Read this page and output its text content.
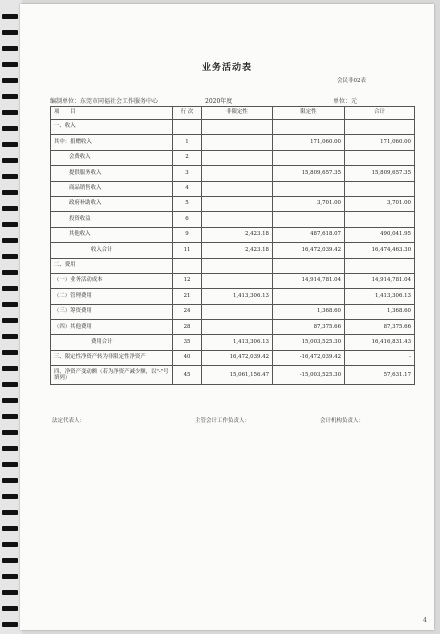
业务活动表
会民非02表
编制单位：东莞市同福社会工作服务中心	2020年度	单位：元
项　　目	行 次	非限定性	限定性	合计
一、收入				
其中：捐赠收入	1		171,060.00	171,060.00
会费收入	2			
提供服务收入	3		15,809,657.35	15,809,657.35
商品销售收入	4			
政府补助收入	5		3,701.00	3,701.00
投资收益	6			
其他收入	9	2,423.18	487,618.07	490,041.95
收入合计	11	2,423.18	16,472,039.42	16,474,463.30
二、费用				
（一）业务活动成本	12		14,914,781.04	14,914,781.04
（二）管理费用	21	1,413,306.13		1,413,306.13
（三）筹资费用	24		1,368.60	1,368.60
（四）其他费用	28		87,375.66	87,375.66
费用合计	35	1,413,306.13	15,003,525.30	16,416,831.43
三、限定性净资产转为非限定性净资产	40	16,472,039.42	-16,472,039.42	-
四、净资产变动额（若为净资产减少额，以"-"号填列）	45	15,061,156.47	-15,003,525.30	57,631.17
法定代表人：	主管会计工作负责人：	会计机构负责人：
4
